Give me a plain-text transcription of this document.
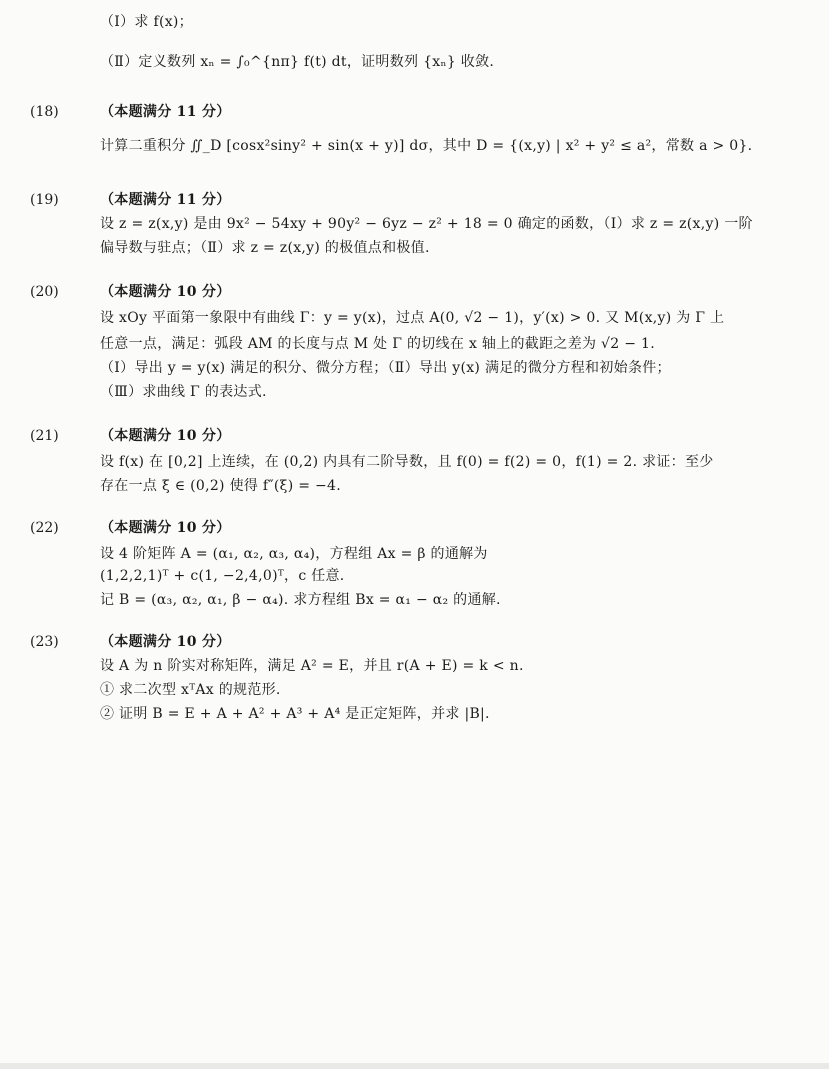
（Ⅰ）求 f(x)；
（Ⅱ）定义数列 xₙ = ∫₀^{nπ} f(t) dt，证明数列 {xₙ} 收敛.
(18)	（本题满分 11 分）
计算二重积分 ∬_D [cosx²siny² + sin(x + y)] dσ，其中 D = {(x,y) | x² + y² ≤ a²，常数 a > 0}.
(19)	（本题满分 11 分）
设 z = z(x,y) 是由 9x² − 54xy + 90y² − 6yz − z² + 18 = 0 确定的函数，（Ⅰ）求 z = z(x,y) 一阶
偏导数与驻点；（Ⅱ）求 z = z(x,y) 的极值点和极值.
(20)	（本题满分 10 分）
设 xOy 平面第一象限中有曲线 Γ：y = y(x)，过点 A(0, √2 − 1)，y′(x) > 0. 又 M(x,y) 为 Γ 上
任意一点，满足：弧段 AM 的长度与点 M 处 Γ 的切线在 x 轴上的截距之差为 √2 − 1.
（Ⅰ）导出 y = y(x) 满足的积分、微分方程；（Ⅱ）导出 y(x) 满足的微分方程和初始条件；
（Ⅲ）求曲线 Γ 的表达式.
(21)	（本题满分 10 分）
设 f(x) 在 [0,2] 上连续，在 (0,2) 内具有二阶导数，且 f(0) = f(2) = 0，f(1) = 2. 求证：至少
存在一点 ξ ∈ (0,2) 使得 f″(ξ) = −4.
(22)	（本题满分 10 分）
设 4 阶矩阵 A = (α₁, α₂, α₃, α₄)，方程组 Ax = β 的通解为
(1,2,2,1)ᵀ + c(1, −2,4,0)ᵀ，c 任意.
记 B = (α₃, α₂, α₁, β − α₄). 求方程组 Bx = α₁ − α₂ 的通解.
(23)	（本题满分 10 分）
设 A 为 n 阶实对称矩阵，满足 A² = E，并且 r(A + E) = k < n.
① 求二次型 xᵀAx 的规范形.
② 证明 B = E + A + A² + A³ + A⁴ 是正定矩阵，并求 |B|.
